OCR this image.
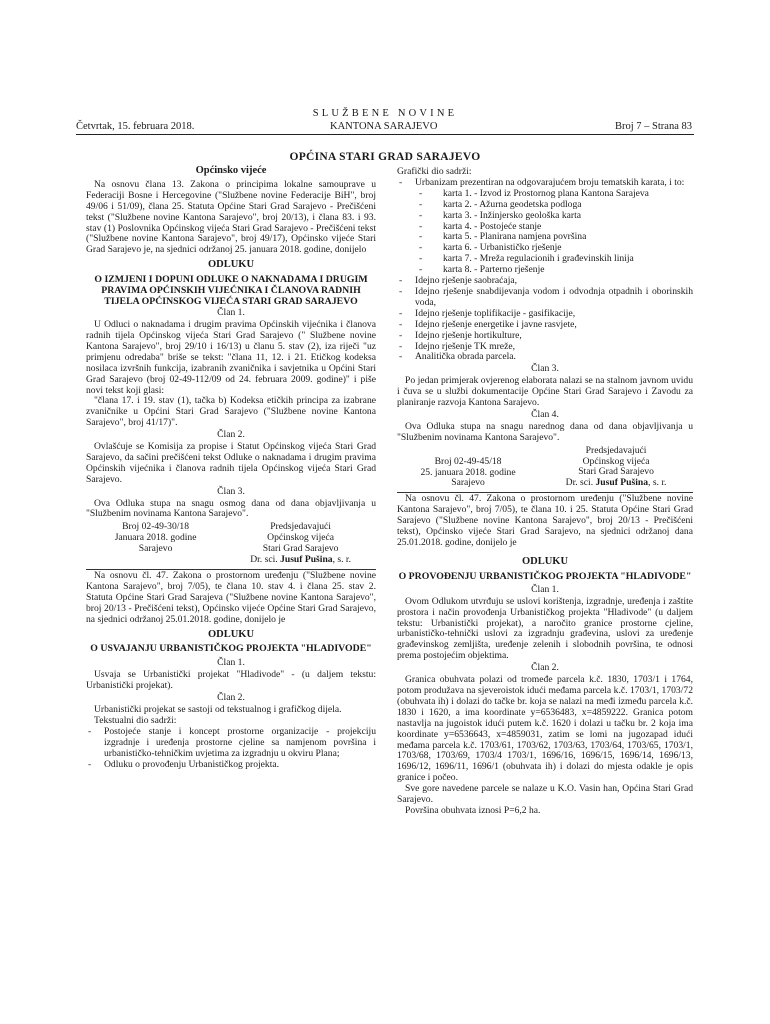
SLUŽBENE NOVINE
Četvrtak, 15. februara 2018.	KANTONA SARAJEVO	Broj 7 – Strana 83
OPĆINA STARI GRAD SARAJEVO
Općinsko vijeće

Na osnovu člana 13. Zakona o principima lokalne samouprave u Federaciji Bosne i Hercegovine ("Službene novine Federacije BiH", broj 49/06 i 51/09), člana 25. Statuta Općine Stari Grad Sarajevo - Prečišćeni tekst ("Službene novine Kantona Sarajevo", broj 20/13), i člana 83. i 93. stav (1) Poslovnika Općinskog vijeća Stari Grad Sarajevo - Prečišćeni tekst ("Službene novine Kantona Sarajevo", broj 49/17), Općinsko vijeće Stari Grad Sarajevo je, na sjednici održanoj 25. januara 2018. godine, donijelo

ODLUKU
O IZMJENI I DOPUNI ODLUKE O NAKNADAMA I DRUGIM PRAVIMA OPĆINSKIH VIJEĆNIKA I ČLANOVA RADNIH TIJELA OPĆINSKOG VIJEĆA STARI GRAD SARAJEVO
Član 1.

U Odluci o naknadama i drugim pravima Općinskih vijećnika i članova radnih tijela Općinskog vijeća Stari Grad Sarajevo (" Službene novine Kantona Sarajevo", broj 29/10 i 16/13) u članu 5. stav (2), iza riječi "uz primjenu odredaba" briše se tekst: "člana 11, 12. i 21. Etičkog kodeksa nosilaca izvršnih funkcija, izabranih zvaničnika i savjetnika u Općini Stari Grad Sarajevo (broj 02-49-112/09 od 24. februara 2009. godine)" i piše novi tekst koji glasi:

"člana 17. i 19. stav (1), tačka b) Kodeksa etičkih principa za izabrane zvaničnike u Općini Stari Grad Sarajevo ("Službene novine Kantona Sarajevo", broj 41/17)".

Član 2.

Ovlašćuje se Komisija za propise i Statut Općinskog vijeća Stari Grad Sarajevo, da sačini prečišćeni tekst Odluke o naknadama i drugim pravima Općinskih vijećnika i članova radnih tijela Općinskog vijeća Stari Grad Sarajevo.

Član 3.

Ova Odluka stupa na snagu osmog dana od dana objavljivanja u "Službenim novinama Kantona Sarajevo".

Broj 02-49-30/18
Januara 2018. godine
Sarajevo
Predsjedavajući
Općinskog vijeća
Stari Grad Sarajevo
Dr. sci. Jusuf Pušina, s. r.

Na osnovu čl. 47. Zakona o prostornom uređenju ("Službene novine Kantona Sarajevo", broj 7/05), te člana 10. stav 4. i člana 25. stav 2. Statuta Općine Stari Grad Sarajeva ("Službene novine Kantona Sarajevo", broj 20/13 - Prečišćeni tekst), Općinsko vijeće Općine Stari Grad Sarajevo, na sjednici održanoj 25.01.2018. godine, donijelo je

ODLUKU
O USVAJANJU URBANISTIČKOG PROJEKTA "HLADIVODE"
Član 1.

Usvaja se Urbanistički projekat "Hladivode" - (u daljem tekstu: Urbanistički projekat).

Član 2.

Urbanistički projekat se sastoji od tekstualnog i grafičkog dijela.

Tekstualni dio sadrži:

- Postojeće stanje i koncept prostorne organizacije - projekciju izgradnje i uređenja prostorne cjeline sa namjenom površina i urbanističko-tehničkim uvjetima za izgradnju u okviru Plana;
- Odluku o provođenju Urbanističkog projekta.

Grafički dio sadrži:

- Urbanizam prezentiran na odgovarajućem broju tematskih karata, i to:
- karta 1. - Izvod iz Prostornog plana Kantona Sarajeva
- karta 2. - Ažurna geodetska podloga
- karta 3. - Inžinjersko geološka karta
- karta 4. - Postojeće stanje
- karta 5. - Planirana namjena površina
- karta 6. - Urbanističko rješenje
- karta 7. - Mreža regulacionih i građevinskih linija
- karta 8. - Parterno rješenje
- Idejno rješenje saobraćaja,
- Idejno rješenje snabdijevanja vodom i odvodnja otpadnih i oborinskih voda,
- Idejno rješenje toplifikacije - gasifikacije,
- Idejno rješenje energetike i javne rasvjete,
- Idejno rješenje hortikulture,
- Idejno rješenje TK mreže,
- Analitička obrada parcela.
Član 3.

Po jedan primjerak ovjerenog elaborata nalazi se na stalnom javnom uvidu i čuva se u službi dokumentacije Općine Stari Grad Sarajevo i Zavodu za planiranje razvoja Kantona Sarajevo.

Član 4.

Ova Odluka stupa na snagu narednog dana od dana objavljivanja u "Službenim novinama Kantona Sarajevo".

Broj 02-49-45/18
25. januara 2018. godine
Sarajevo
Predsjedavajući
Općinskog vijeća
Stari Grad Sarajevo
Dr. sci. Jusuf Pušina, s. r.

Na osnovu čl. 47. Zakona o prostornom uređenju ("Službene novine Kantona Sarajevo", broj 7/05), te člana 10. i 25. Statuta Općine Stari Grad Sarajevo ("Službene novine Kantona Sarajevo", broj 20/13 - Prečišćeni tekst), Općinsko vijeće Stari Grad Sarajevo, na sjednici održanoj dana 25.01.2018. godine, donijelo je

ODLUKU
O PROVOĐENJU URBANISTIČKOG PROJEKTA "HLADIVODE"
Član 1.

Ovom Odlukom utvrđuju se uslovi korištenja, izgradnje, uređenja i zaštite prostora i način provođenja Urbanističkog projekta "Hladivode" (u daljem tekstu: Urbanistički projekat), a naročito granice prostorne cjeline, urbanističko-tehnički uslovi za izgradnju građevina, uslovi za uređenje građevinskog zemljišta, uređenje zelenih i slobodnih površina, te odnosi prema postojećim objektima.

Član 2.

Granica obuhvata polazi od tromeđe parcela k.č. 1830, 1703/1 i 1764, potom produžava na sjeveroistok idući međama parcela k.č. 1703/1, 1703/72 (obuhvata ih) i dolazi do tačke br. koja se nalazi na međi između parcela k.č. 1830 i 1620, a ima koordinate y=6536483, x=4859222. Granica potom nastavlja na jugoistok idući putem k.č. 1620 i dolazi u tačku br. 2 koja ima koordinate y=6536643, x=4859031, zatim se lomi na jugozapad idući međama parcela k.č. 1703/61, 1703/62, 1703/63, 1703/64, 1703/65, 1703/1, 1703/68, 1703/69, 1703/4 1703/1, 1696/16, 1696/15, 1696/14, 1696/13, 1696/12, 1696/11, 1696/1 (obuhvata ih) i dolazi do mjesta odakle je opis granice i počeo.

Sve gore navedene parcele se nalaze u K.O. Vasin han, Općina Stari Grad Sarajevo.

Površina obuhvata iznosi P=6,2 ha.
